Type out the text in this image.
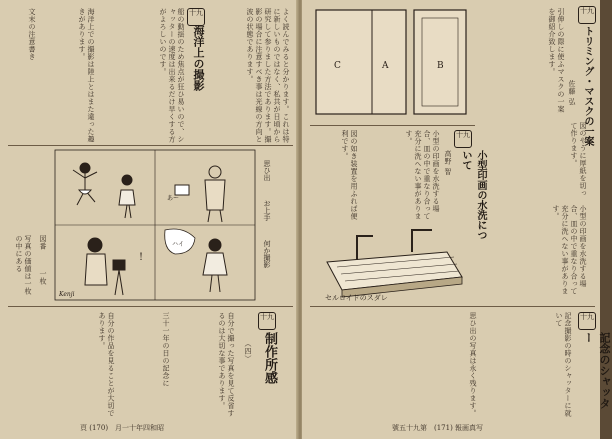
よく読んでみると分かります。これは特に新しいものではなく、私共が日頃から研究して参りました方法であります。撮影の場合に注意すべき事は光線の方向と波の状態であります。
海洋上の撮影
十九
船の動揺のため焦点が狂ひ易いので、シャッターの速度は出来るだけ早くする方がよろしいのです。
海洋上での撮影は陸上とはまた違った趣きがあります。
文末の注意書き
!
ハイ
あー
Kenji
思ひ出
お上手
何か撮影
図番
一枚
写真の価値は一枚の中にある
十九
制作所感
（四）
自分で撮った写真を見て反省するのは大切な事であります。
三十一年の日の記念に
自分の作品を見ることが大切であります。
頁 (170)　月一十年四和昭
C	A	B
十九
トリミング・マスクの一案
佐藤 弘
引伸しの際に使ふマスクの一案を御紹介致します。
図のやうに厚紙を切って作ります。
十九
小型印画の水洗について
高野 智
小型の印画を水洗する場合、皿の中で重なり合って充分に洗へない事があります。
図の如き装置を用ふれば便利です。
セルロイドのスダレ
小型の印画を水洗する場合、皿の中で重なり合って充分に洗へない事があります。
十九
記念のシャッター
記念撮影の時のシャッターに就いて
思ひ出の写真は永く残ります。
號五十九第　(171) 報画真写
